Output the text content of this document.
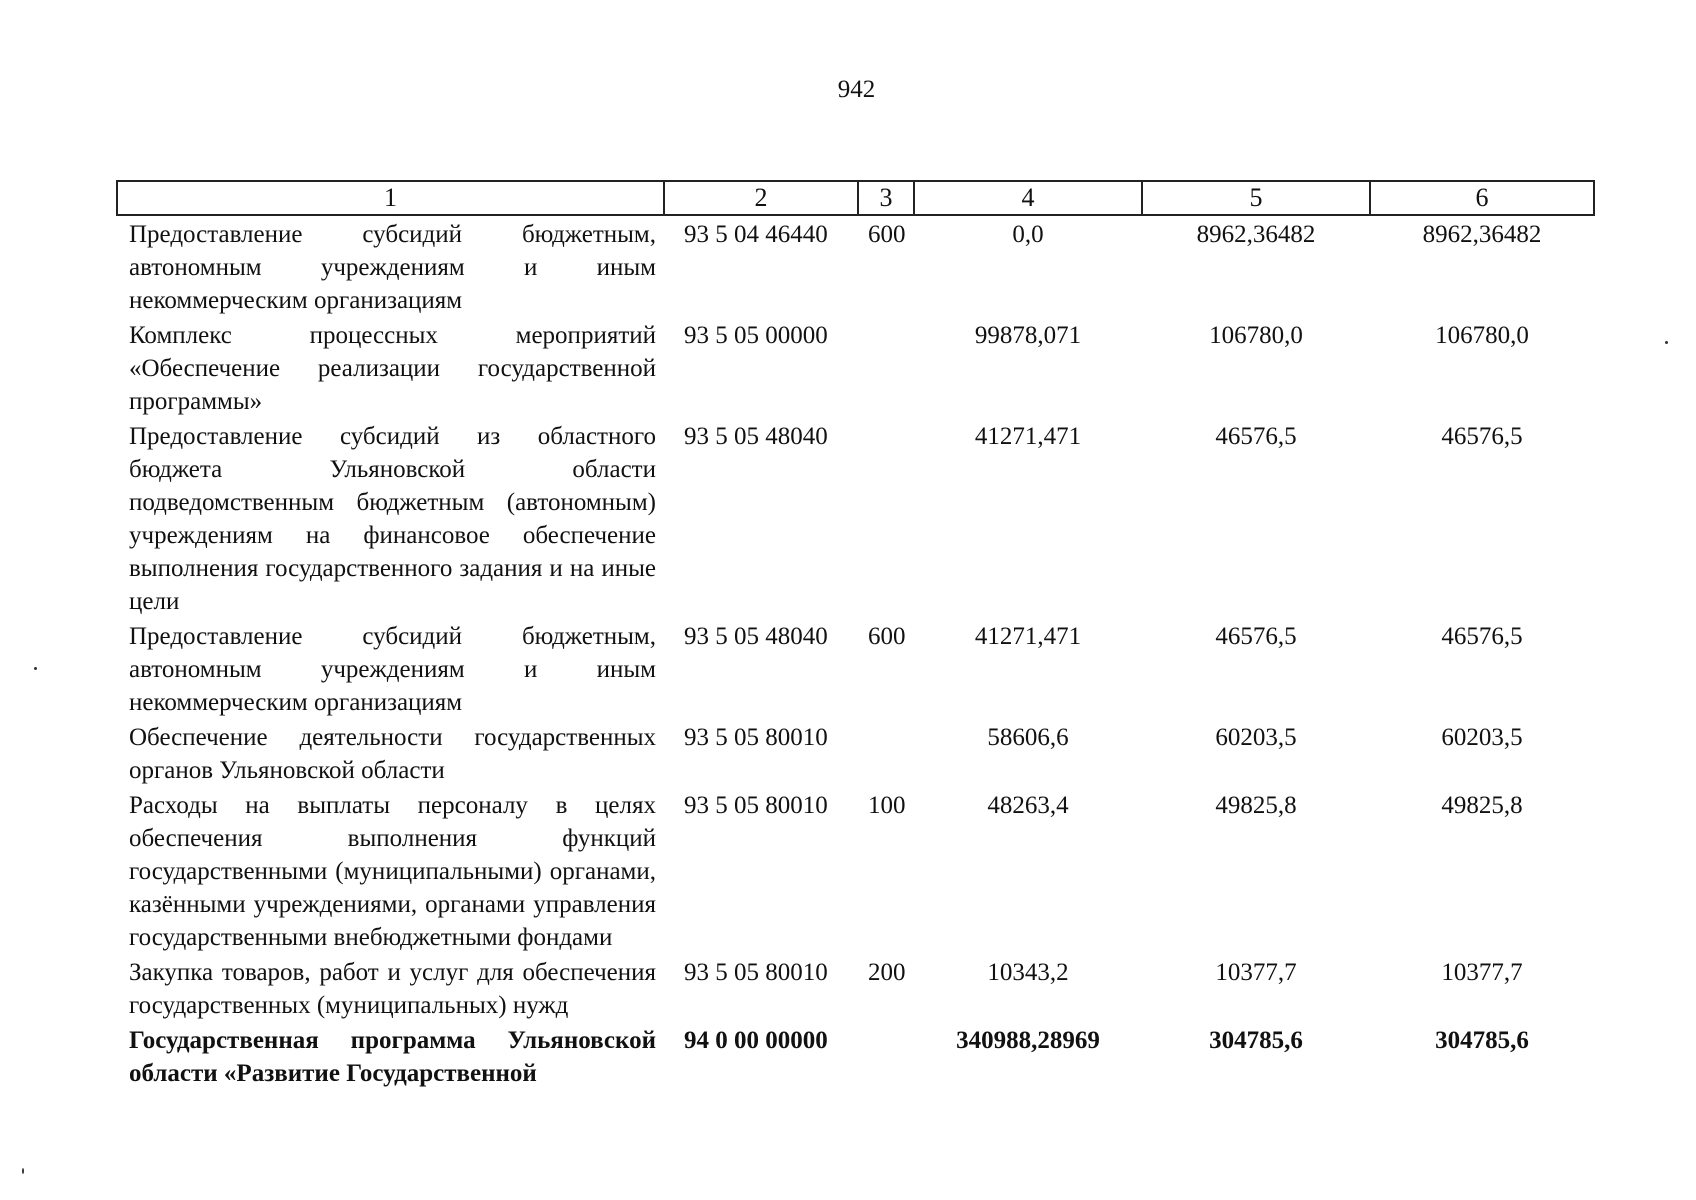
942
1	2	3	4	5	6
Предоставление субсидий бюджетным, автономным учреждениям и иным некоммерческим организациям	93 5 04 46440	600	0,0	8962,36482	8962,36482
Комплекс процессных мероприятий «Обеспечение реализации государственной программы»	93 5 05 00000		99878,071	106780,0	106780,0
Предоставление субсидий из областного бюджета Ульяновской области подведомственным бюджетным (автономным) учреждениям на финансовое обеспечение выполнения государственного задания и на иные цели	93 5 05 48040		41271,471	46576,5	46576,5
Предоставление субсидий бюджетным, автономным учреждениям и иным некоммерческим организациям	93 5 05 48040	600	41271,471	46576,5	46576,5
Обеспечение деятельности государственных органов Ульяновской области	93 5 05 80010		58606,6	60203,5	60203,5
Расходы на выплаты персоналу в целях обеспечения выполнения функций государственными (муниципальными) органами, казёнными учреждениями, органами управления государственными внебюджетными фондами	93 5 05 80010	100	48263,4	49825,8	49825,8
Закупка товаров, работ и услуг для обеспечения государственных (муниципальных) нужд	93 5 05 80010	200	10343,2	10377,7	10377,7
Государственная программа Ульяновской области «Развитие Государственной	94 0 00 00000		340988,28969	304785,6	304785,6
